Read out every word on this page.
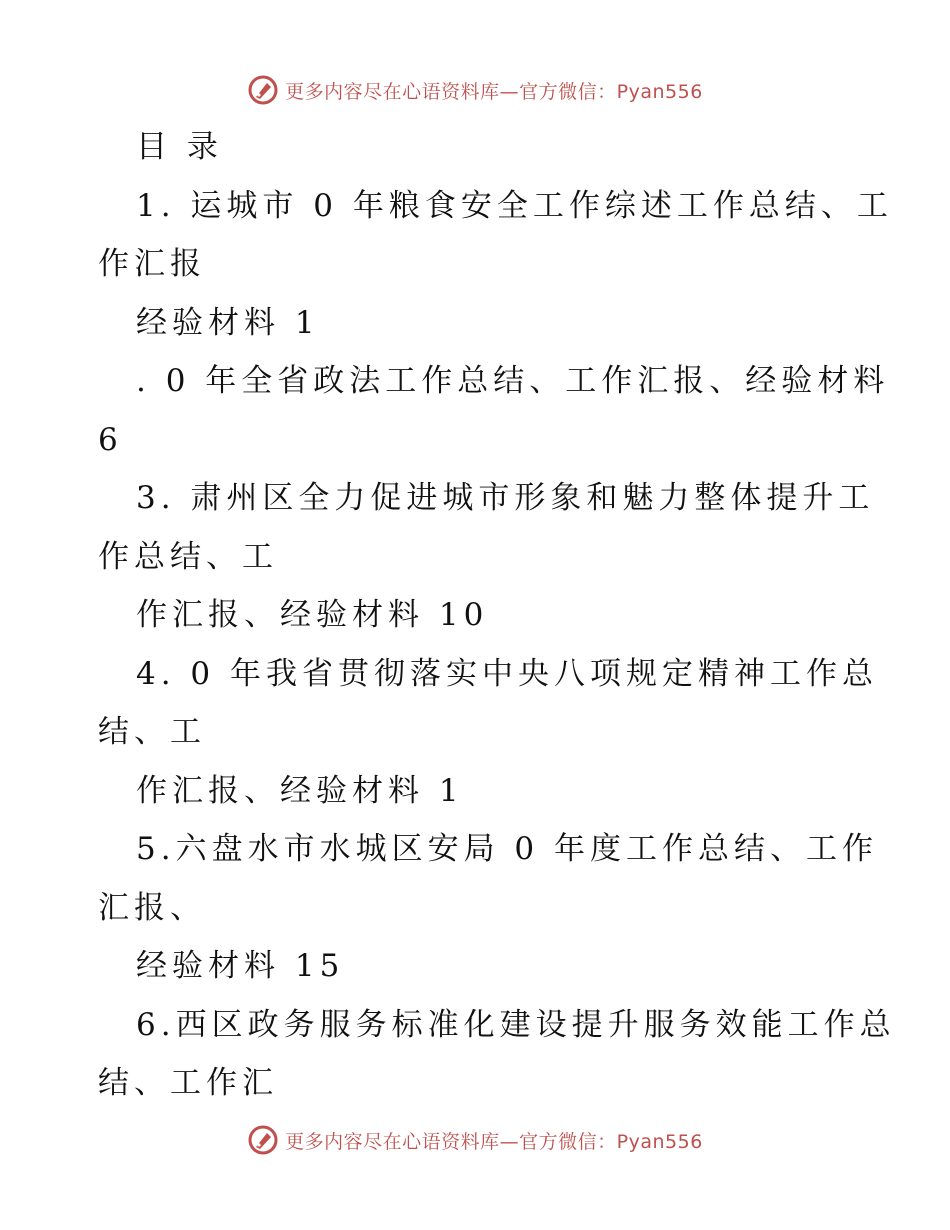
更多内容尽在心语资料库—官方微信：Pyan556
目 录
1. 运城市 0 年粮食安全工作综述工作总结、工
作汇报
经验材料 1
. 0 年全省政法工作总结、工作汇报、经验材料
6
3. 肃州区全力促进城市形象和魅力整体提升工
作总结、工
作汇报、经验材料 10
4. 0 年我省贯彻落实中央八项规定精神工作总
结、工
作汇报、经验材料 1
5.六盘水市水城区安局 0 年度工作总结、工作
汇报、
经验材料 15
6.西区政务服务标准化建设提升服务效能工作总
结、工作汇
更多内容尽在心语资料库—官方微信：Pyan556
